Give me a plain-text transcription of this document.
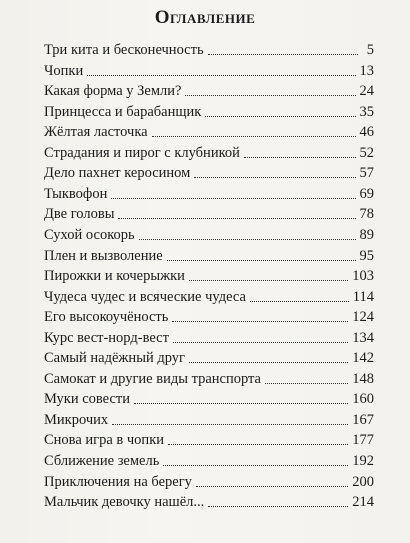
Оглавление
Три кита и бесконечность	5
Чопки	13
Какая форма у Земли?	24
Принцесса и барабанщик	35
Жёлтая ласточка	46
Страдания и пирог с клубникой	52
Дело пахнет керосином	57
Тыквофон	69
Две головы	78
Сухой осокорь	89
Плен и вызволение	95
Пирожки и кочерыжки	103
Чудеса чудес и всяческие чудеса	114
Его высокоучёность	124
Курс вест-норд-вест	134
Самый надёжный друг	142
Самокат и другие виды транспорта	148
Муки совести	160
Микрочих	167
Снова игра в чопки	177
Сближение земель	192
Приключения на берегу	200
Мальчик девочку нашёл...	214
